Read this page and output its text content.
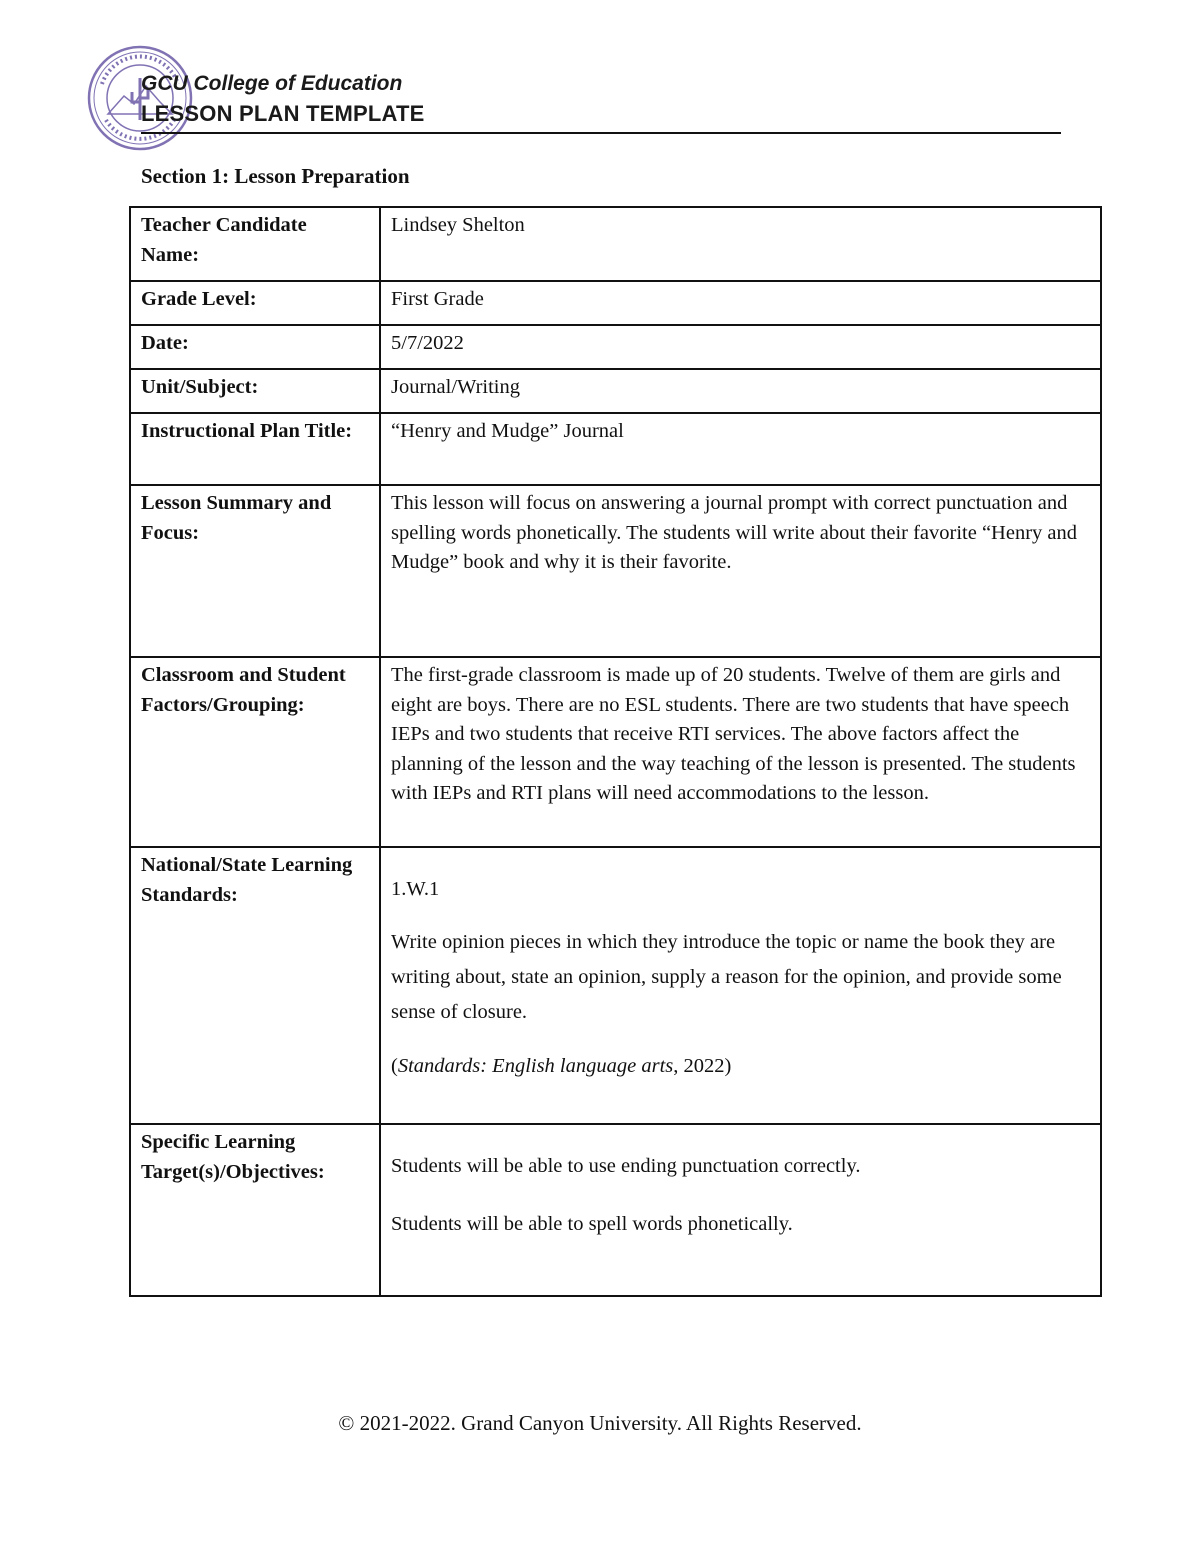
GCU College of Education
LESSON PLAN TEMPLATE
Section 1: Lesson Preparation
Teacher Candidate Name:	Lindsey Shelton
Grade Level:	First Grade
Date:	5/7/2022
Unit/Subject:	Journal/Writing
Instructional Plan Title:	“Henry and Mudge” Journal
Lesson Summary and Focus:	This lesson will focus on answering a journal prompt with correct punctuation and spelling words phonetically. The students will write about their favorite “Henry and Mudge” book and why it is their favorite.
Classroom and Student Factors/Grouping:	The first-grade classroom is made up of 20 students. Twelve of them are girls and eight are boys. There are no ESL students. There are two students that have speech IEPs and two students that receive RTI services. The above factors affect the planning of the lesson and the way teaching of the lesson is presented. The students with IEPs and RTI plans will need accommodations to the lesson.
National/State Learning Standards:	1.W.1

Write opinion pieces in which they introduce the topic or name the book they are writing about, state an opinion, supply a reason for the opinion, and provide some sense of closure.

(Standards: English language arts, 2022)

Specific Learning Target(s)/Objectives:	Students will be able to use ending punctuation correctly.

Students will be able to spell words phonetically.

© 2021-2022. Grand Canyon University. All Rights Reserved.
